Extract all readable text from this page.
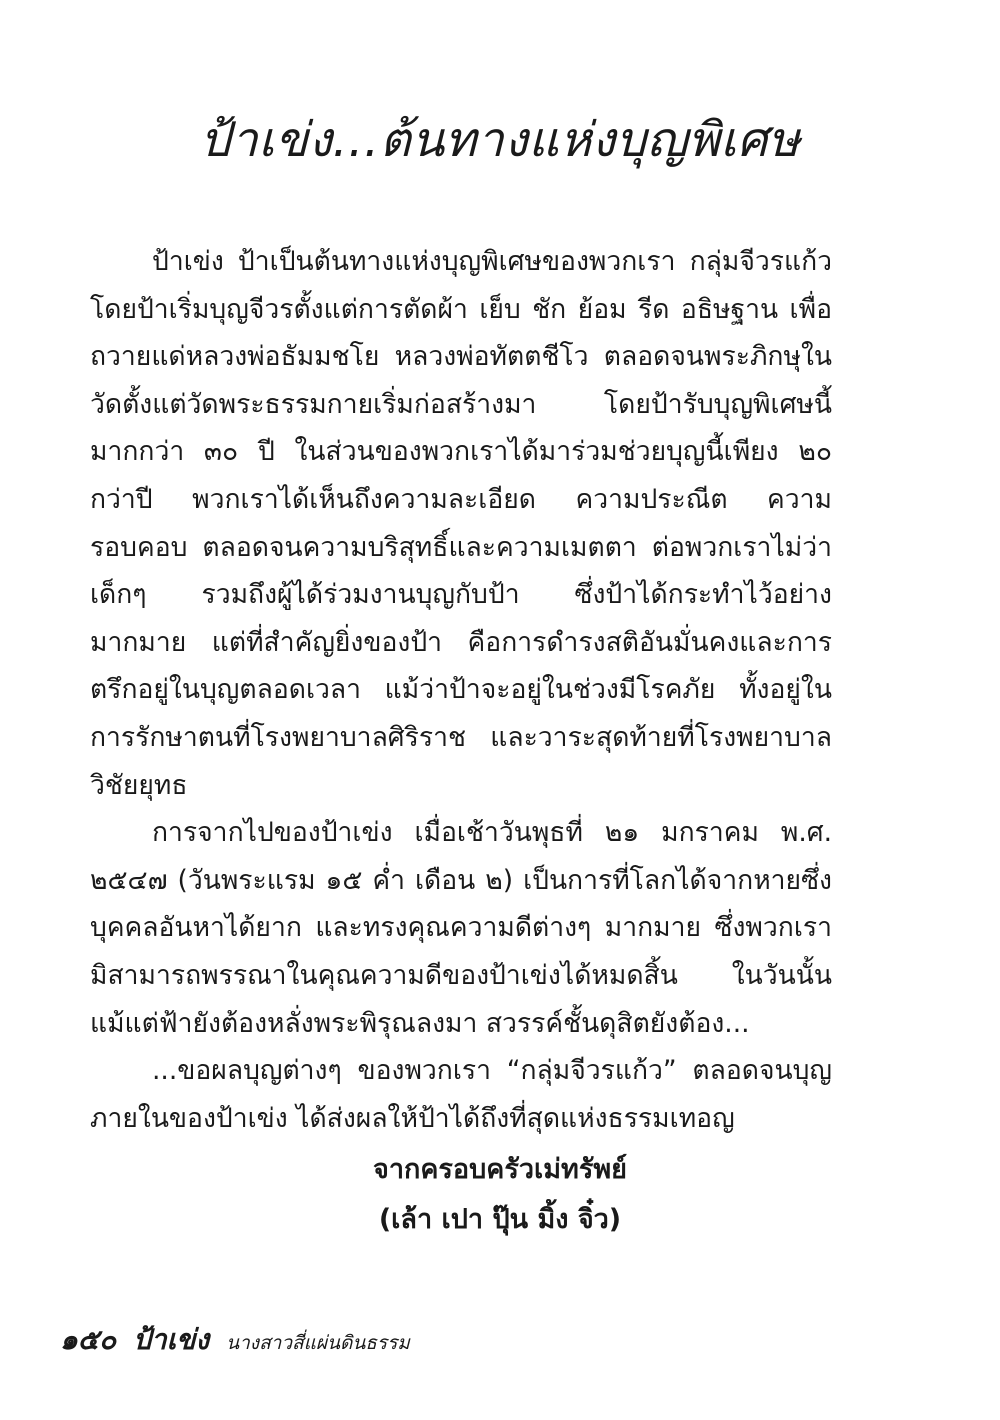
ป้าเข่ง...ต้นทางแห่งบุญพิเศษ

ป้าเข่ง ป้าเป็นต้นทางแห่งบุญพิเศษของพวกเรา กลุ่มจีวรแก้ว โดยป้าเริ่มบุญจีวรตั้งแต่การตัดผ้า เย็บ ชัก ย้อม รีด อธิษฐาน เพื่อถวายแด่หลวงพ่อธัมมชโย หลวงพ่อทัตตชีโว ตลอดจนพระภิกษุในวัดตั้งแต่วัดพระธรรมกายเริ่มก่อสร้างมา โดยป้ารับบุญพิเศษนี้มากกว่า ๓๐ ปี ในส่วนของพวกเราได้มาร่วมช่วยบุญนี้เพียง ๒๐ กว่าปี พวกเราได้เห็นถึงความละเอียด ความประณีต ความรอบคอบ ตลอดจนความบริสุทธิ์และความเมตตา ต่อพวกเราไม่ว่าเด็กๆ รวมถึงผู้ได้ร่วมงานบุญกับป้า ซึ่งป้าได้กระทำไว้อย่างมากมาย แต่ที่สำคัญยิ่งของป้า คือการดำรงสติอันมั่นคงและการตรึกอยู่ในบุญตลอดเวลา แม้ว่าป้าจะอยู่ในช่วงมีโรคภัย ทั้งอยู่ในการรักษาตนที่โรงพยาบาลศิริราช และวาระสุดท้ายที่โรงพยาบาลวิชัยยุทธ

การจากไปของป้าเข่ง เมื่อเช้าวันพุธที่ ๒๑ มกราคม พ.ศ. ๒๕๔๗ (วันพระแรม ๑๕ ค่ำ เดือน ๒) เป็นการที่โลกได้จากหายซึ่งบุคคลอันหาได้ยาก และทรงคุณความดีต่างๆ มากมาย ซึ่งพวกเรามิสามารถพรรณาในคุณความดีของป้าเข่งได้หมดสิ้น ในวันนั้น แม้แต่ฟ้ายังต้องหลั่งพระพิรุณลงมา สวรรค์ชั้นดุสิตยังต้อง...

...ขอผลบุญต่างๆ ของพวกเรา “กลุ่มจีวรแก้ว” ตลอดจนบุญภายในของป้าเข่ง ได้ส่งผลให้ป้าได้ถึงที่สุดแห่งธรรมเทอญ

จากครอบครัวเม่ทรัพย์
(เล้า เปา ปุ๊น มิ้ง จิ๋ว)
๑๕๐ ป้าเข่ง นางสาวสี่แผ่นดินธรรม
